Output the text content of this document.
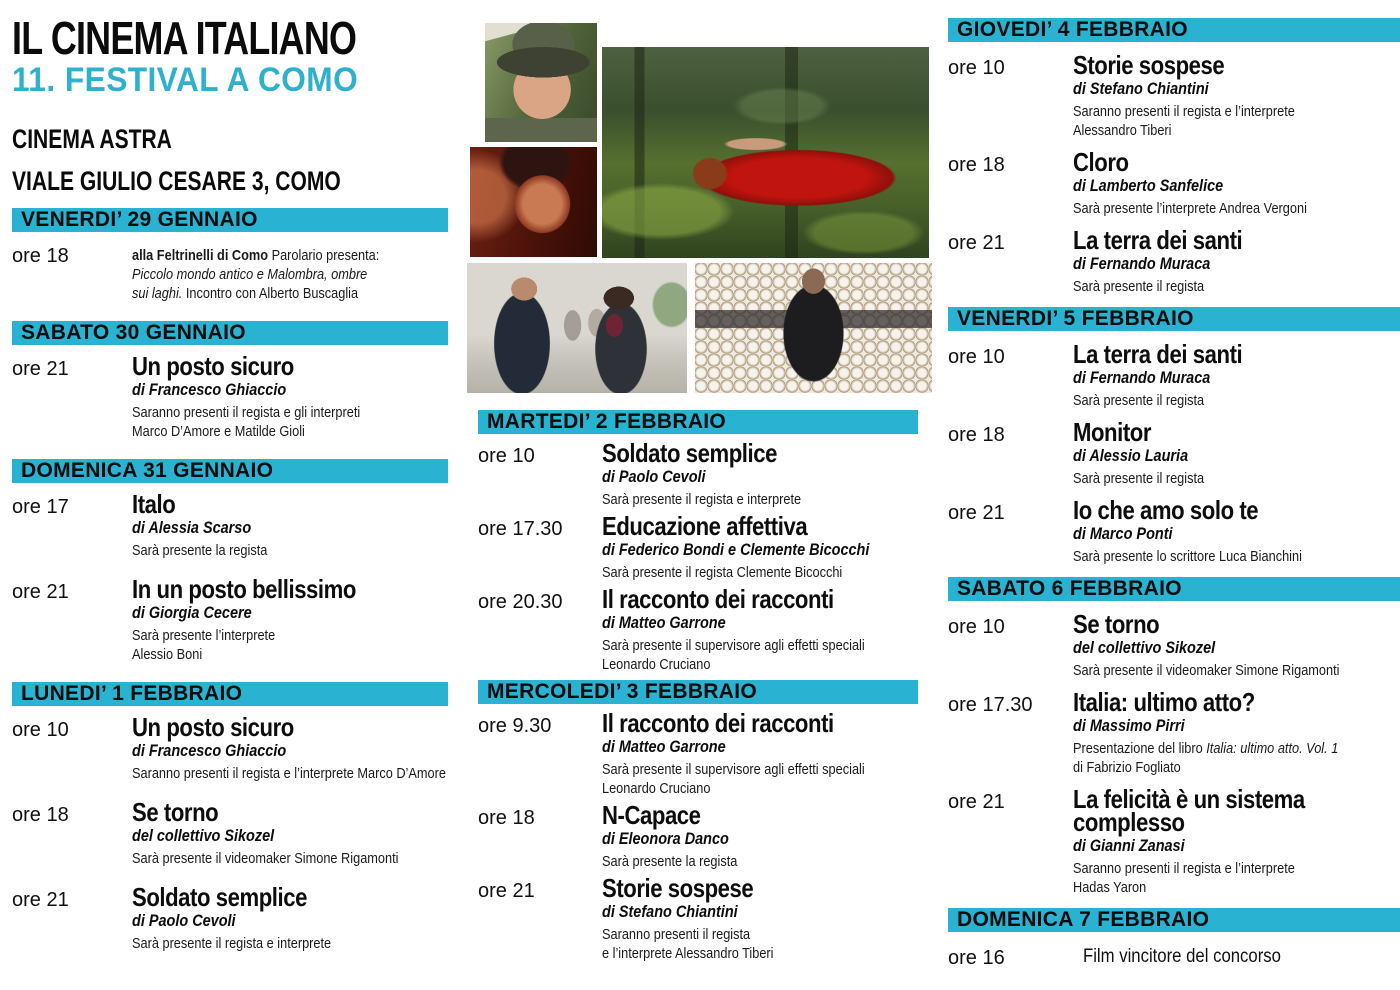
IL CINEMA ITALIANO
11. FESTIVAL A COMO
CINEMA ASTRA
VIALE GIULIO CESARE 3, COMO
VENERDI’ 29 GENNAIO
ore 18	alla Feltrinelli di Como Parolario presenta:
Piccolo mondo antico e Malombra, ombre
sui laghi. Incontro con Alberto Buscaglia
SABATO 30 GENNAIO
ore 21	Un posto sicuro
di Francesco Ghiaccio
Saranno presenti il regista e gli interpreti
Marco D’Amore e Matilde Gioli
DOMENICA 31 GENNAIO
ore 17	Italo
di Alessia Scarso
Sarà presente la regista
ore 21	In un posto bellissimo
di Giorgia Cecere
Sarà presente l’interprete
Alessio Boni
LUNEDI’ 1 FEBBRAIO
ore 10	Un posto sicuro
di Francesco Ghiaccio
Saranno presenti il regista e l’interprete Marco D’Amore
ore 18	Se torno
del collettivo Sikozel
Sarà presente il videomaker Simone Rigamonti
ore 21	Soldato semplice
di Paolo Cevoli
Sarà presente il regista e interprete
MARTEDI’ 2 FEBBRAIO
ore 10	Soldato semplice
di Paolo Cevoli
Sarà presente il regista e interprete
ore 17.30	Educazione affettiva
di Federico Bondi e Clemente Bicocchi
Sarà presente il regista Clemente Bicocchi
ore 20.30	Il racconto dei racconti
di Matteo Garrone
Sarà presente il supervisore agli effetti speciali
Leonardo Cruciano
MERCOLEDI’ 3 FEBBRAIO
ore 9.30	Il racconto dei racconti
di Matteo Garrone
Sarà presente il supervisore agli effetti speciali
Leonardo Cruciano
ore 18	N-Capace
di Eleonora Danco
Sarà presente la regista
ore 21	Storie sospese
di Stefano Chiantini
Saranno presenti il regista
e l’interprete Alessandro Tiberi
GIOVEDI’ 4 FEBBRAIO
ore 10	Storie sospese
di Stefano Chiantini
Saranno presenti il regista e l’interprete
Alessandro Tiberi
ore 18	Cloro
di Lamberto Sanfelice
Sarà presente l’interprete Andrea Vergoni
ore 21	La terra dei santi
di Fernando Muraca
Sarà presente il regista
VENERDI’ 5 FEBBRAIO
ore 10	La terra dei santi
di Fernando Muraca
Sarà presente il regista
ore 18	Monitor
di Alessio Lauria
Sarà presente il regista
ore 21	Io che amo solo te
di Marco Ponti
Sarà presente lo scrittore Luca Bianchini
SABATO 6 FEBBRAIO
ore 10	Se torno
del collettivo Sikozel
Sarà presente il videomaker Simone Rigamonti
ore 17.30	Italia: ultimo atto?
di Massimo Pirri
Presentazione del libro Italia: ultimo atto. Vol. 1
di Fabrizio Fogliato
ore 21	La felicità è un sistema
complesso
di Gianni Zanasi
Saranno presenti il regista e l’interprete
Hadas Yaron
DOMENICA 7 FEBBRAIO
ore 16	Film vincitore del concorso
